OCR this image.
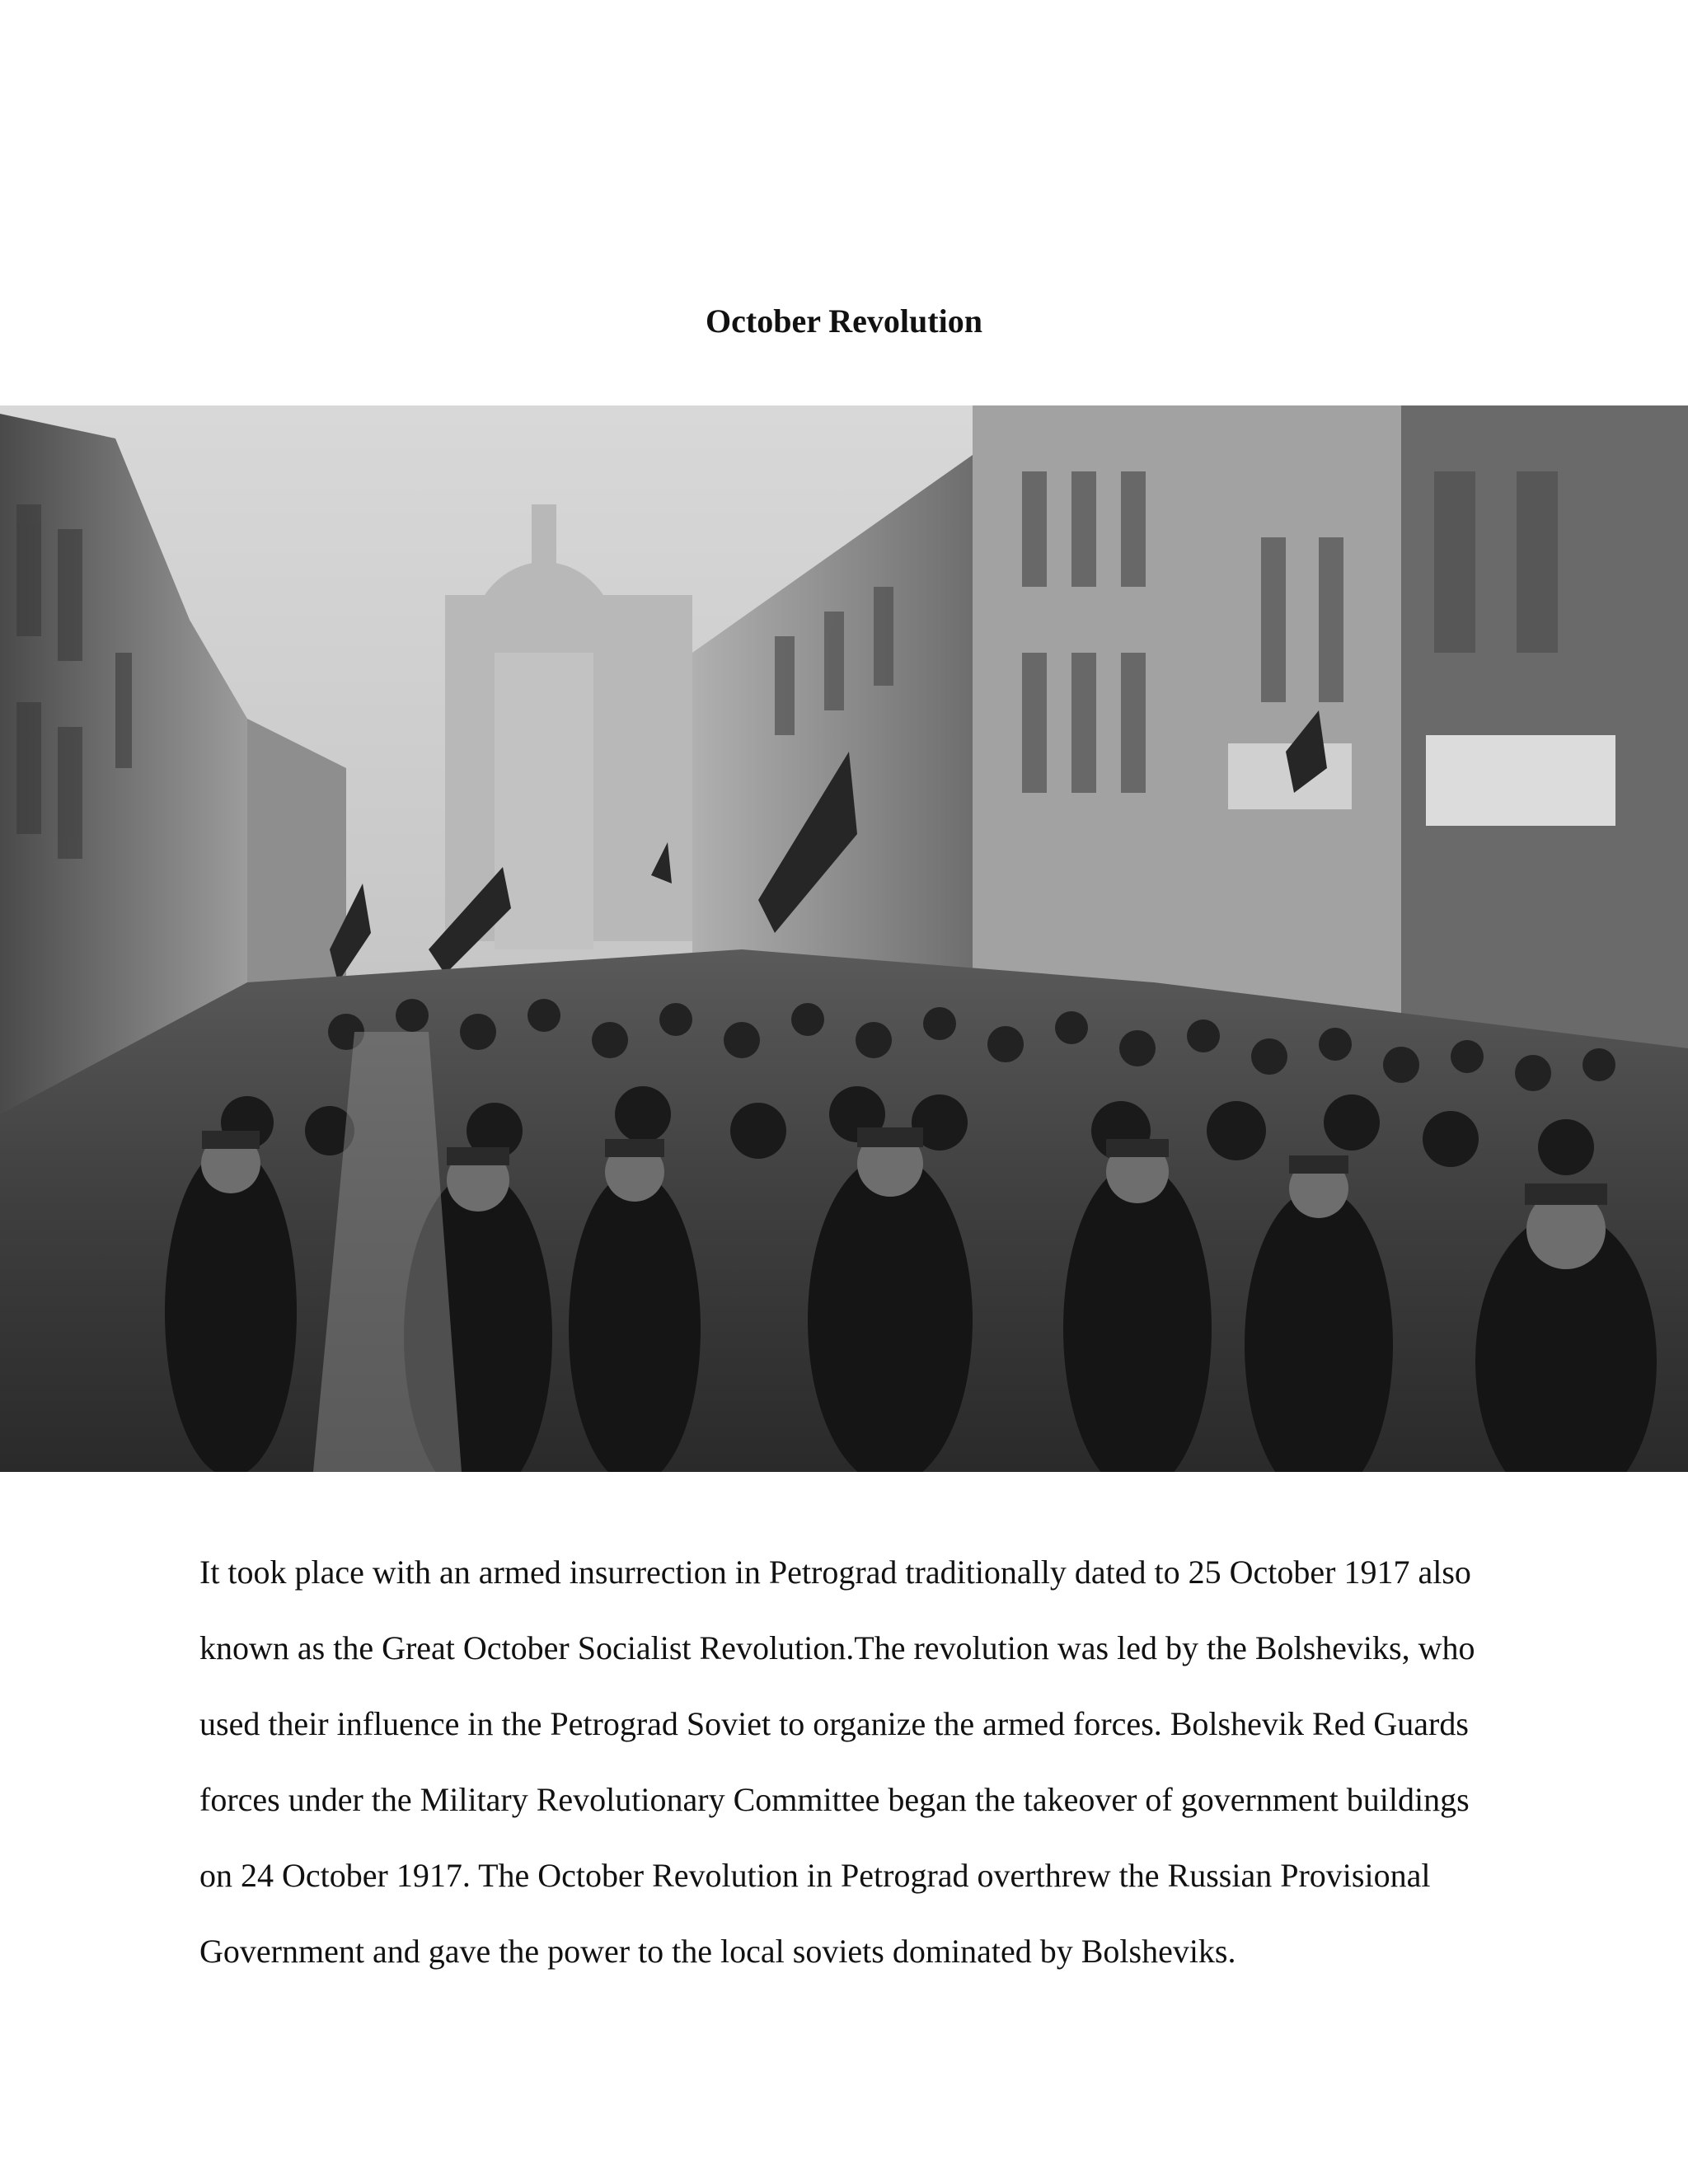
October Revolution
It took place with an armed insurrection in Petrograd traditionally dated to 25 October 1917 also
known as the Great October Socialist Revolution.The revolution was led by the Bolsheviks, who
used their influence in the Petrograd Soviet to organize the armed forces. Bolshevik Red Guards
forces under the Military Revolutionary Committee began the takeover of government buildings
on 24 October 1917. The October Revolution in Petrograd overthrew the Russian Provisional
Government and gave the power to the local soviets dominated by Bolsheviks.
